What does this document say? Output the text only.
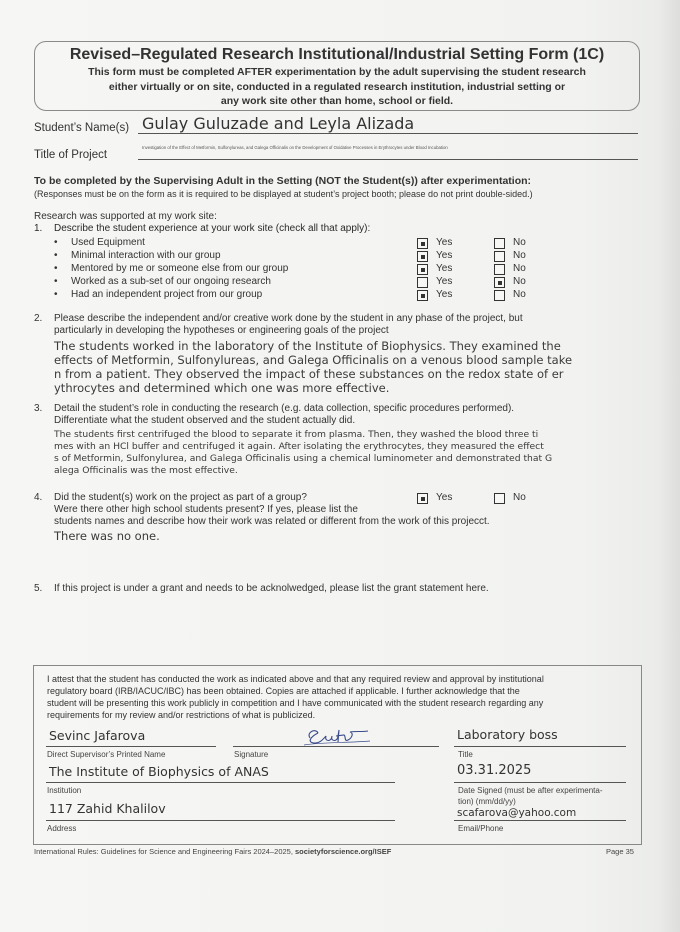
Revised–Regulated Research Institutional/Industrial Setting Form (1C)
This form must be completed AFTER experimentation by the adult supervising the student research
either virtually or on site, conducted in a regulated research institution, industrial setting or
any work site other than home, school or field.
Student’s Name(s) Gulay Guluzade and Leyla Alizada
Title of Project
Investigation of the Effect of Metformin, Sulfonylureas, and Galega Officinalis on the Development of Oxidative Processes in Erythrocytes under Blood Incubation
To be completed by the Supervising Adult in the Setting (NOT the Student(s)) after experimentation:
(Responses must be on the form as it is required to be displayed at student’s project booth; please do not print double-sided.)
Research was supported at my work site:
1. Describe the student experience at your work site (check all that apply):
• Used Equipment	Yes	No
• Minimal interaction with our group	Yes	No
• Mentored by me or someone else from our group	Yes	No
• Worked as a sub-set of our ongoing research	Yes	No
• Had an independent project from our group	Yes	No
2. Please describe the independent and/or creative work done by the student in any phase of the project, but
particularly in developing the hypotheses or engineering goals of the project
The students worked in the laboratory of the Institute of Biophysics. They examined the
effects of Metformin, Sulfonylureas, and Galega Officinalis on a venous blood sample take
n from a patient. They observed the impact of these substances on the redox state of er
ythrocytes and determined which one was more effective.
3. Detail the student’s role in conducting the research (e.g. data collection, specific procedures performed).
Differentiate what the student observed and the student actually did.
The students first centrifuged the blood to separate it from plasma. Then, they washed the blood three ti
mes with an HCl buffer and centrifuged it again. After isolating the erythrocytes, they measured the effect
s of Metformin, Sulfonylurea, and Galega Officinalis using a chemical luminometer and demonstrated that G
alega Officinalis was the most effective.
4. Did the student(s) work on the project as part of a group?	Yes	No
Were there other high school students present? If yes, please list the
students names and describe how their work was related or different from the work of this projecct.
There was no one.
5. If this project is under a grant and needs to be acknolwedged, please list the grant statement here.
I attest that the student has conducted the work as indicated above and that any required review and approval by institutional
regulatory board (IRB/IACUC/IBC) has been obtained. Copies are attached if applicable. I further acknowledge that the
student will be presenting this work publicly in competition and I have communicated with the student research regarding any
requirements for my review and/or restrictions of what is publicized.
Sevinc Jafarova
Direct Supervisor’s Printed Name	Signature
Laboratory boss
Title
The Institute of Biophysics of ANAS
Institution
03.31.2025
Date Signed (must be after experimenta-
tion) (mm/dd/yy)
117 Zahid Khalilov
Address
scafarova@yahoo.com
Email/Phone
International Rules: Guidelines for Science and Engineering Fairs 2024–2025, societyforscience.org/ISEF	Page 35
